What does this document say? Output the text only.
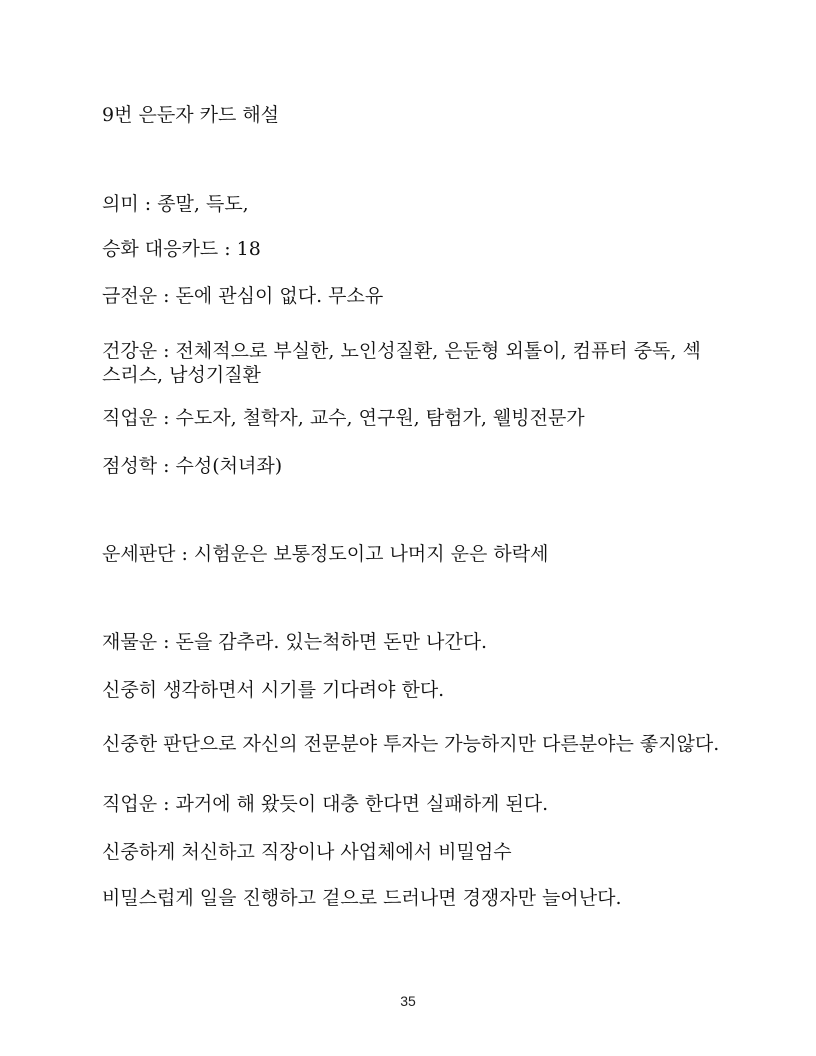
9번 은둔자 카드 해설
의미 : 종말, 득도,
승화 대응카드 : 18
금전운 : 돈에 관심이 없다. 무소유
건강운 : 전체적으로 부실한, 노인성질환, 은둔형 외톨이, 컴퓨터 중독, 섹스리스, 남성기질환
직업운 : 수도자, 철학자, 교수, 연구원, 탐험가, 웰빙전문가
점성학 : 수성(처녀좌)
운세판단 : 시험운은 보통정도이고 나머지 운은 하락세
재물운 : 돈을 감추라. 있는척하면 돈만 나간다.
신중히 생각하면서 시기를 기다려야 한다.
신중한 판단으로 자신의 전문분야 투자는 가능하지만 다른분야는 좋지않다.
직업운 : 과거에 해 왔듯이 대충 한다면 실패하게 된다.
신중하게 처신하고 직장이나 사업체에서 비밀엄수
비밀스럽게 일을 진행하고 겉으로 드러나면 경쟁자만 늘어난다.
35
